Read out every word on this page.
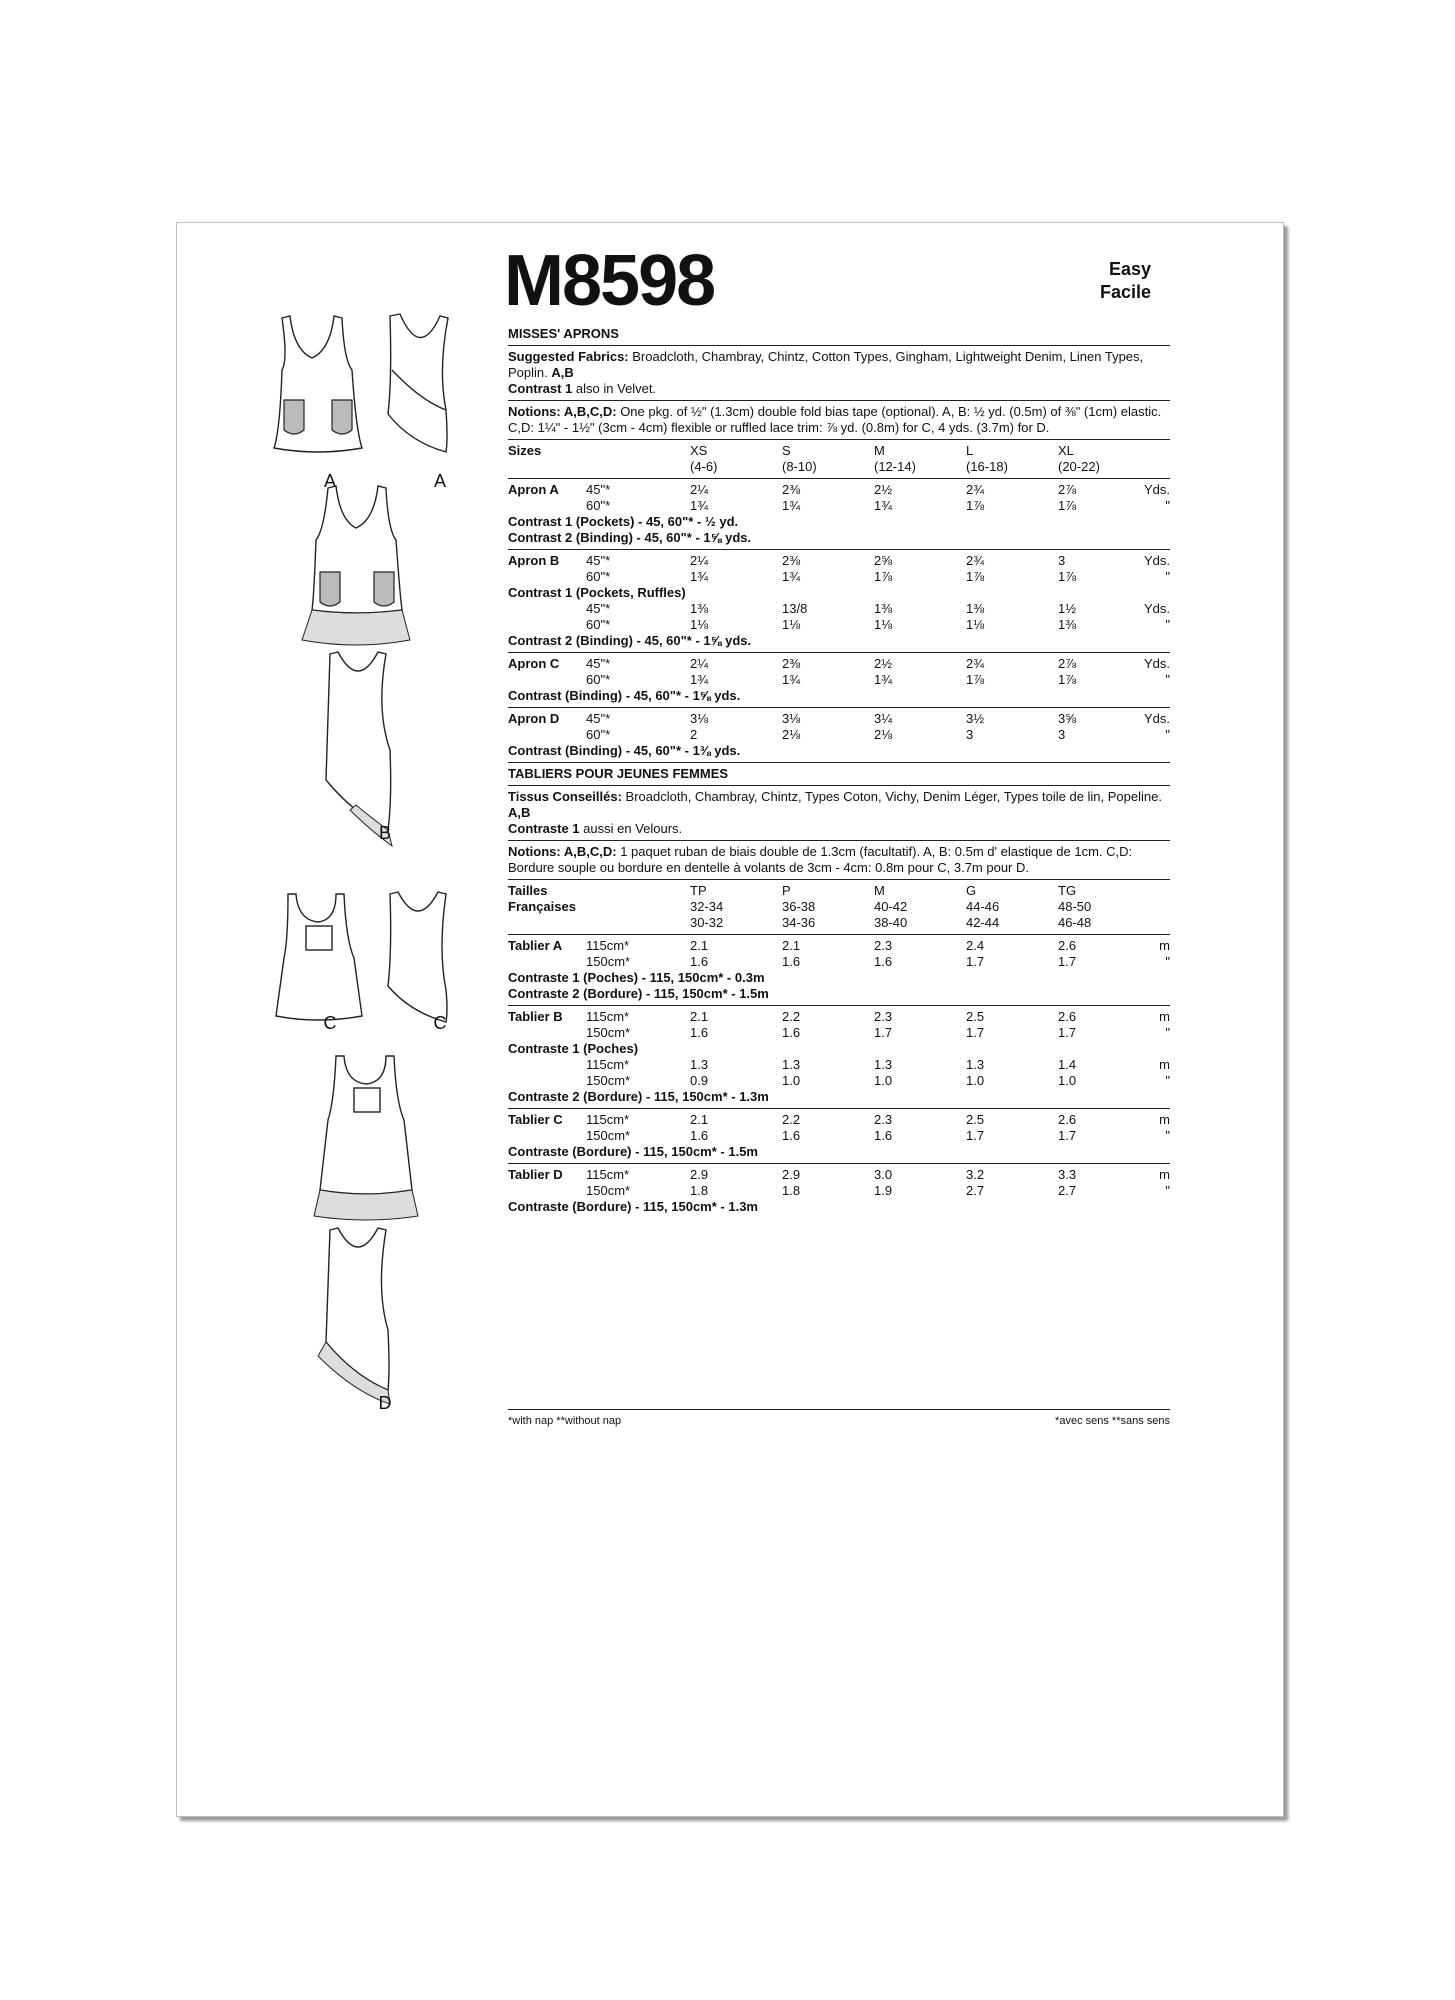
M8598	Easy
Facile
A	A
B
C	C
D
MISSES' APRONS

Suggested Fabrics: Broadcloth, Chambray, Chintz, Cotton Types, Gingham, Lightweight Denim, Linen Types, Poplin. A,B
Contrast 1 also in Velvet.

Notions: A,B,C,D: One pkg. of ½" (1.3cm) double fold bias tape (optional). A, B: ½ yd. (0.5m) of ⅜" (1cm) elastic. C,D: 1¼" - 1½" (3cm - 4cm) flexible or ruffled lace trim: ⅞ yd. (0.8m) for C, 4 yds. (3.7m) for D.

Sizes	XS	S	M	L	XL
(4-6)	(8-10)	(12-14)	(16-18)	(20-22)
Apron A 45"*	2¼	2⅜	2½	2¾	2⅞	Yds.
60"*	1¾	1¾	1¾	1⅞	1⅞	"
Contrast 1 (Pockets) - 45, 60"* - ½ yd.
Contrast 2 (Binding) - 45, 60"* - 1⅝ yds.
Apron B 45"*	2¼	2⅜	2⅝	2¾	3	Yds.
60"*	1¾	1¾	1⅞	1⅞	1⅞	"
Contrast 1 (Pockets, Ruffles)
45"*	1⅜	13/8	1⅜	1⅜	1½	Yds.
60"*	1⅛	1⅛	1⅛	1⅛	1⅜	"
Contrast 2 (Binding) - 45, 60"* - 1⅝ yds.
Apron C 45"*	2¼	2⅜	2½	2¾	2⅞	Yds.
60"*	1¾	1¾	1¾	1⅞	1⅞	"
Contrast (Binding) - 45, 60"* - 1⅝ yds.
Apron D 45"*	3⅛	3⅛	3¼	3½	3⅝	Yds.
60"*	2	2⅛	2⅛	3	3	"
Contrast (Binding) - 45, 60"* - 1⅜ yds.
TABLIERS POUR JEUNES FEMMES

Tissus Conseillés: Broadcloth, Chambray, Chintz, Types Coton, Vichy, Denim Léger, Types toile de lin, Popeline. A,B
Contraste 1 aussi en Velours.

Notions: A,B,C,D: 1 paquet ruban de biais double de 1.3cm (facultatif). A, B: 0.5m d' elastique de 1cm. C,D: Bordure souple ou bordure en dentelle à volants de 3cm - 4cm: 0.8m pour C, 3.7m pour D.

Tailles	TP	P	M	G	TG
Françaises	32-34	36-38	40-42	44-46	48-50
30-32	34-36	38-40	42-44	46-48
Tablier A 115cm*	2.1	2.1	2.3	2.4	2.6	m
150cm*	1.6	1.6	1.6	1.7	1.7	"
Contraste 1 (Poches) - 115, 150cm* - 0.3m
Contraste 2 (Bordure) - 115, 150cm* - 1.5m
Tablier B 115cm*	2.1	2.2	2.3	2.5	2.6	m
150cm*	1.6	1.6	1.7	1.7	1.7	"
Contraste 1 (Poches)
115cm*	1.3	1.3	1.3	1.3	1.4	m
150cm*	0.9	1.0	1.0	1.0	1.0	"
Contraste 2 (Bordure) - 115, 150cm* - 1.3m
Tablier C 115cm*	2.1	2.2	2.3	2.5	2.6	m
150cm*	1.6	1.6	1.6	1.7	1.7	"
Contraste (Bordure) - 115, 150cm* - 1.5m
Tablier D 115cm*	2.9	2.9	3.0	3.2	3.3	m
150cm*	1.8	1.8	1.9	2.7	2.7	"
Contraste (Bordure) - 115, 150cm* - 1.3m
*with nap **without nap	*avec sens **sans sens
